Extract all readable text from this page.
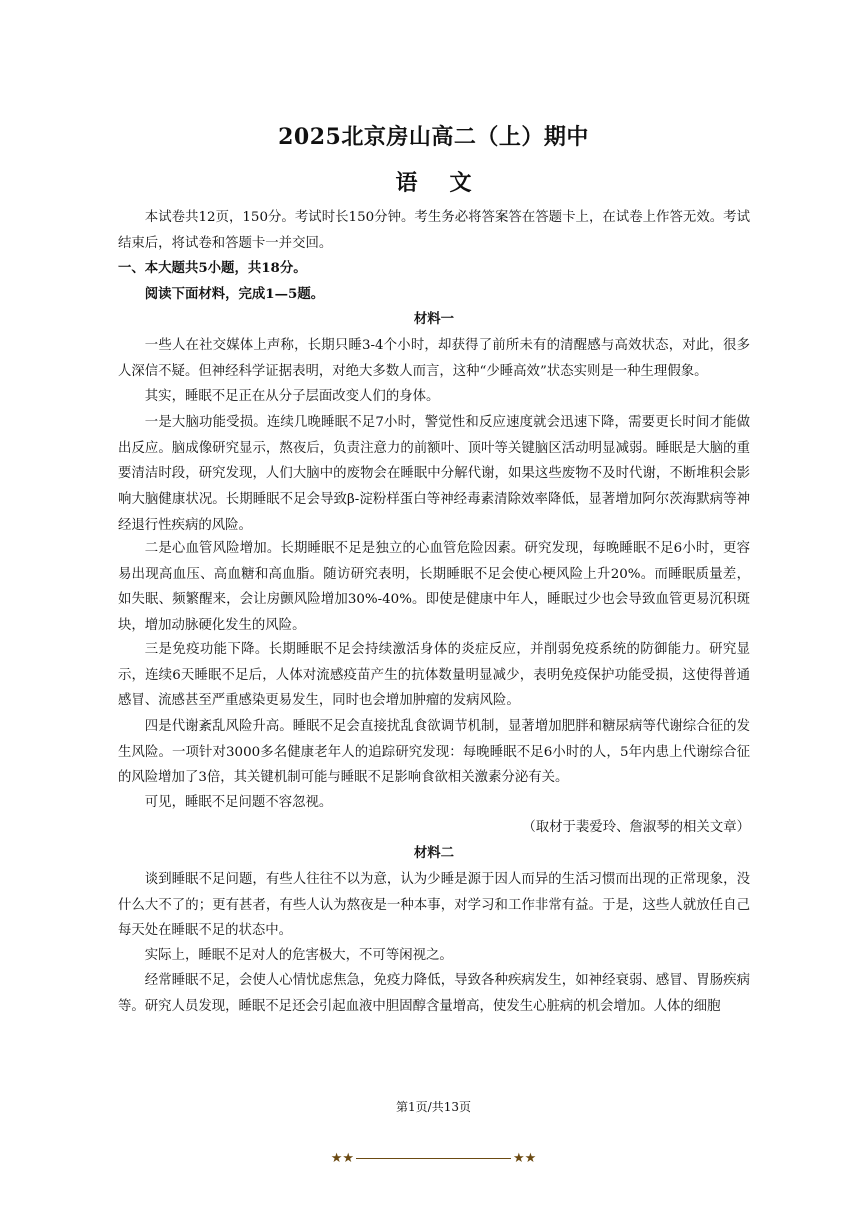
2025北京房山高二（上）期中
语文

本试卷共12页，150分。考试时长150分钟。考生务必将答案答在答题卡上，在试卷上作答无效。考试结束后，将试卷和答题卡一并交回。

一、本大题共5小题，共18分。

阅读下面材料，完成1—5题。

材料一

一些人在社交媒体上声称，长期只睡3-4个小时，却获得了前所未有的清醒感与高效状态，对此，很多人深信不疑。但神经科学证据表明，对绝大多数人而言，这种“少睡高效”状态实则是一种生理假象。

其实，睡眠不足正在从分子层面改变人们的身体。

一是大脑功能受损。连续几晚睡眠不足7小时，警觉性和反应速度就会迅速下降，需要更长时间才能做出反应。脑成像研究显示，熬夜后，负责注意力的前额叶、顶叶等关键脑区活动明显减弱。睡眠是大脑的重要清洁时段，研究发现，人们大脑中的废物会在睡眠中分解代谢，如果这些废物不及时代谢，不断堆积会影响大脑健康状况。长期睡眠不足会导致β-淀粉样蛋白等神经毒素清除效率降低，显著增加阿尔茨海默病等神经退行性疾病的风险。

二是心血管风险增加。长期睡眠不足是独立的心血管危险因素。研究发现，每晚睡眠不足6小时，更容易出现高血压、高血糖和高血脂。随访研究表明，长期睡眠不足会使心梗风险上升20%。而睡眠质量差，如失眠、频繁醒来，会让房颤风险增加30%-40%。即使是健康中年人，睡眠过少也会导致血管更易沉积斑块，增加动脉硬化发生的风险。

三是免疫功能下降。长期睡眠不足会持续激活身体的炎症反应，并削弱免疫系统的防御能力。研究显示，连续6天睡眠不足后，人体对流感疫苗产生的抗体数量明显减少，表明免疫保护功能受损，这使得普通感冒、流感甚至严重感染更易发生，同时也会增加肿瘤的发病风险。

四是代谢紊乱风险升高。睡眠不足会直接扰乱食欲调节机制，显著增加肥胖和糖尿病等代谢综合征的发生风险。一项针对3000多名健康老年人的追踪研究发现：每晚睡眠不足6小时的人，5年内患上代谢综合征的风险增加了3倍，其关键机制可能与睡眠不足影响食欲相关激素分泌有关。

可见，睡眠不足问题不容忽视。

（取材于裴爱玲、詹淑琴的相关文章）

材料二

谈到睡眠不足问题，有些人往往不以为意，认为少睡是源于因人而异的生活习惯而出现的正常现象，没什么大不了的；更有甚者，有些人认为熬夜是一种本事，对学习和工作非常有益。于是，这些人就放任自己每天处在睡眠不足的状态中。

实际上，睡眠不足对人的危害极大，不可等闲视之。

经常睡眠不足，会使人心情忧虑焦急，免疫力降低，导致各种疾病发生，如神经衰弱、感冒、胃肠疾病等。研究人员发现，睡眠不足还会引起血液中胆固醇含量增高，使发生心脏病的机会增加。人体的细胞

第1页/共13页
★★	★★
